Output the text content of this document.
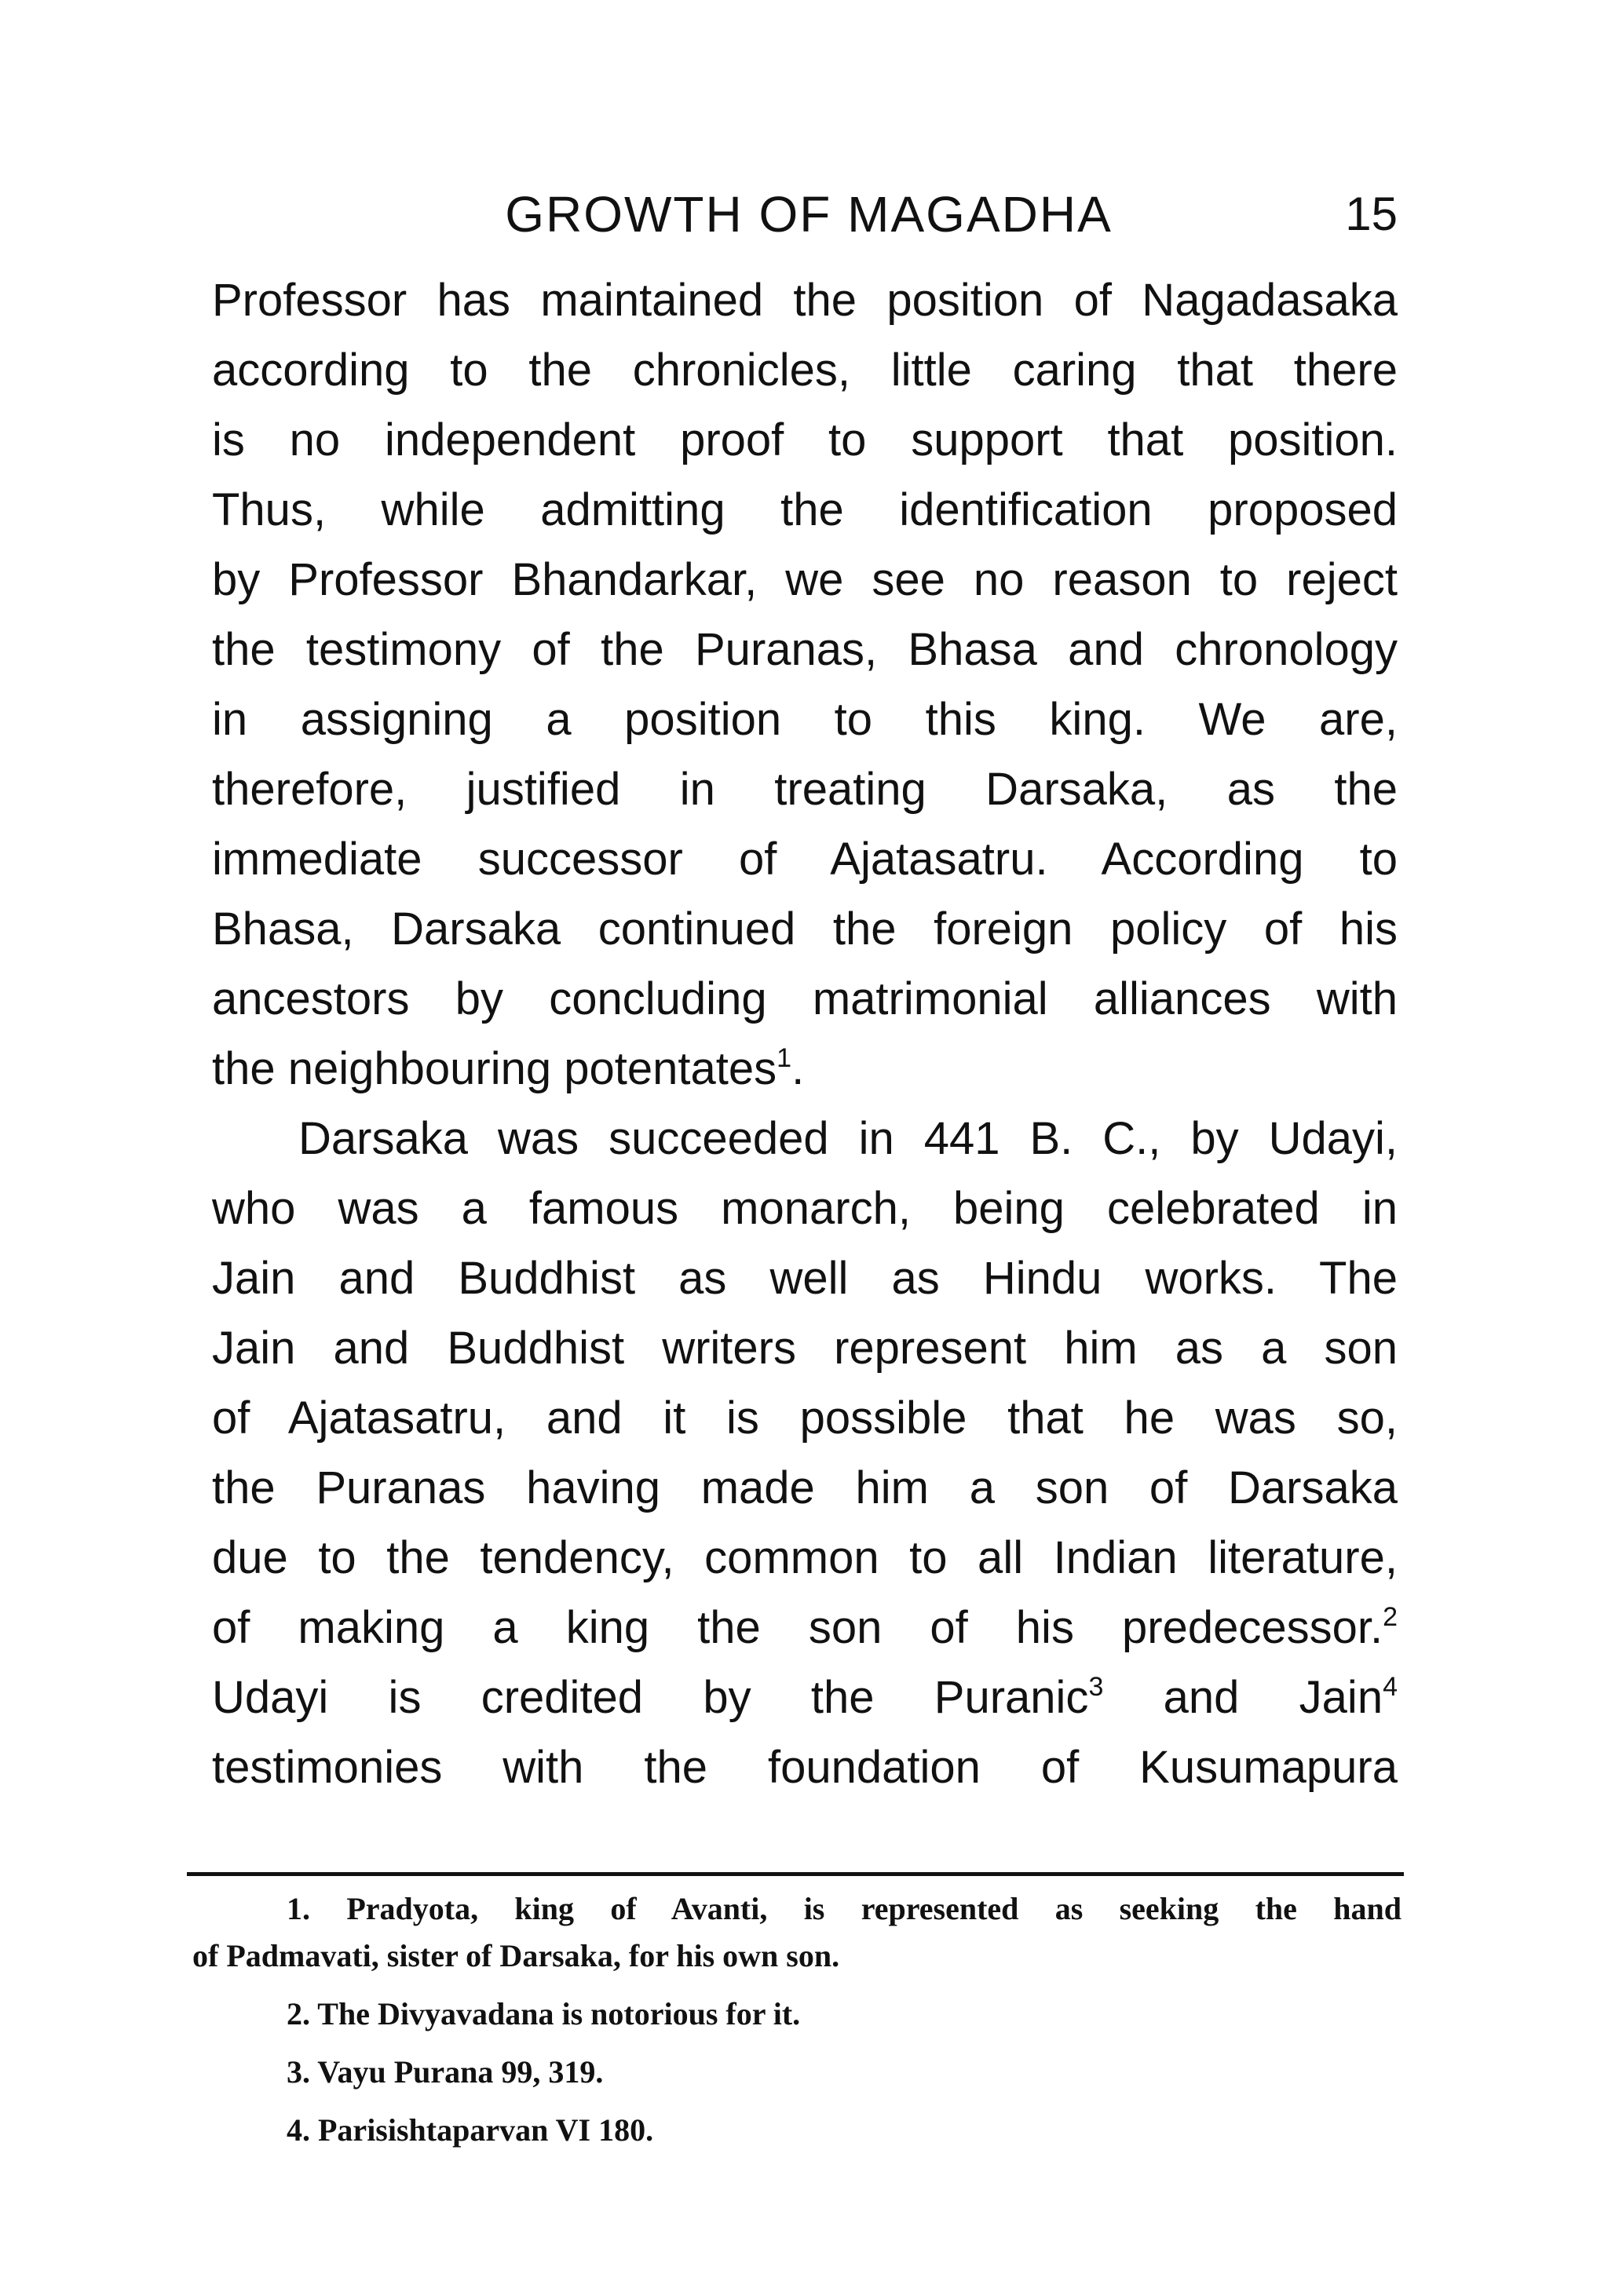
GROWTH OF MAGADHA	15
Professor has maintained the position of Nagadasaka
according to the chronicles, little caring that there
is no independent proof to support that position.
Thus, while admitting the identification proposed
by Professor Bhandarkar, we see no reason to reject
the testimony of the Puranas, Bhasa and chronology
in assigning a position to this king. We are,
therefore, justified in treating Darsaka, as the
immediate successor of Ajatasatru. According to
Bhasa, Darsaka continued the foreign policy of his
ancestors by concluding matrimonial alliances with
the neighbouring potentates$^1$.
Darsaka was succeeded in 441 B. C., by Udayi,
who was a famous monarch, being celebrated in
Jain and Buddhist as well as Hindu works. The
Jain and Buddhist writers represent him as a son
of Ajatasatru, and it is possible that he was so,
the Puranas having made him a son of Darsaka
due to the tendency, common to all Indian literature,
of making a king the son of his predecessor.$^2$
Udayi is credited by the Puranic$^3$ and Jain$^4$
testimonies with the foundation of Kusumapura
1. Pradyota, king of Avanti, is represented as seeking the hand
of Padmavati, sister of Darsaka, for his own son.
2. The Divyavadana is notorious for it.
3. Vayu Purana 99, 319.
4. Parisishtaparvan VI 180.
